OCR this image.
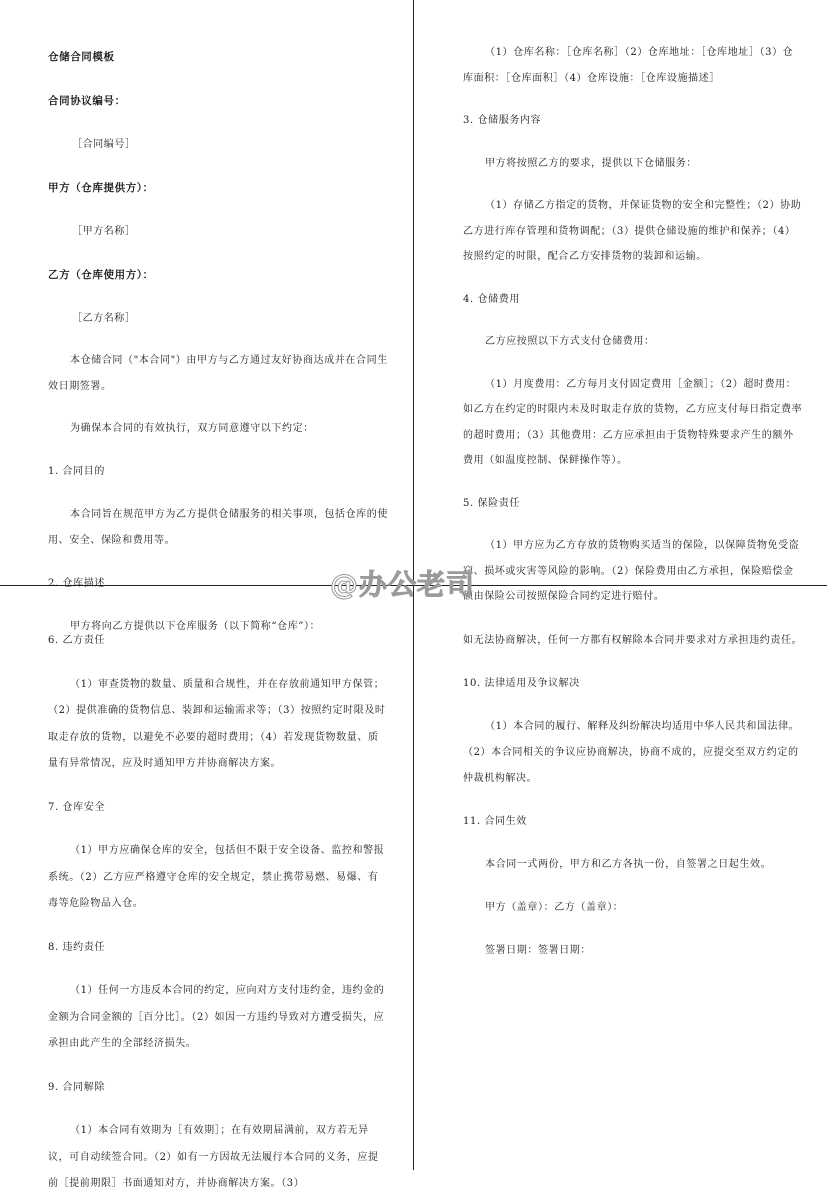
仓储合同模板

合同协议编号：

［合同编号］

甲方（仓库提供方）：

［甲方名称］

乙方（仓库使用方）：

［乙方名称］

本仓储合同（"本合同"）由甲方与乙方通过友好协商达成并在合同生效日期签署。

为确保本合同的有效执行，双方同意遵守以下约定：

1. 合同目的

本合同旨在规范甲方为乙方提供仓储服务的相关事项，包括仓库的使用、安全、保险和费用等。

2. 仓库描述

甲方将向乙方提供以下仓库服务（以下简称“仓库”）：

（1）仓库名称：［仓库名称］（2）仓库地址：［仓库地址］（3）仓库面积：［仓库面积］（4）仓库设施：［仓库设施描述］

3. 仓储服务内容

甲方将按照乙方的要求，提供以下仓储服务：

（1）存储乙方指定的货物，并保证货物的安全和完整性；（2）协助乙方进行库存管理和货物调配；（3）提供仓储设施的维护和保养；（4）按照约定的时限，配合乙方安排货物的装卸和运输。

4. 仓储费用

乙方应按照以下方式支付仓储费用：

（1）月度费用：乙方每月支付固定费用［金额］；（2）超时费用：如乙方在约定的时限内未及时取走存放的货物，乙方应支付每日指定费率的超时费用；（3）其他费用：乙方应承担由于货物特殊要求产生的额外费用（如温度控制、保鲜操作等）。

5. 保险责任

（1）甲方应为乙方存放的货物购买适当的保险，以保障货物免受盗窃、损坏或灾害等风险的影响。（2）保险费用由乙方承担，保险赔偿金额由保险公司按照保险合同约定进行赔付。

6. 乙方责任

（1）审查货物的数量、质量和合规性，并在存放前通知甲方保管；（2）提供准确的货物信息、装卸和运输需求等；（3）按照约定时限及时取走存放的货物，以避免不必要的超时费用；（4）若发现货物数量、质量有异常情况，应及时通知甲方并协商解决方案。

7. 仓库安全

（1）甲方应确保仓库的安全，包括但不限于安全设备、监控和警报系统。（2）乙方应严格遵守仓库的安全规定，禁止携带易燃、易爆、有毒等危险物品入仓。

8. 违约责任

（1）任何一方违反本合同的约定，应向对方支付违约金，违约金的金额为合同金额的［百分比］。（2）如因一方违约导致对方遭受损失，应承担由此产生的全部经济损失。

9. 合同解除

（1）本合同有效期为［有效期］；在有效期届满前，双方若无异议，可自动续签合同。（2）如有一方因故无法履行本合同的义务，应提前［提前期限］书面通知对方，并协商解决方案。（3）

如无法协商解决，任何一方都有权解除本合同并要求对方承担违约责任。

10. 法律适用及争议解决

（1）本合同的履行、解释及纠纷解决均适用中华人民共和国法律。（2）本合同相关的争议应协商解决，协商不成的，应提交至双方约定的仲裁机构解决。

11. 合同生效

本合同一式两份，甲方和乙方各执一份，自签署之日起生效。

甲方（盖章）：乙方（盖章）：

签署日期：签署日期：

@办公老司
